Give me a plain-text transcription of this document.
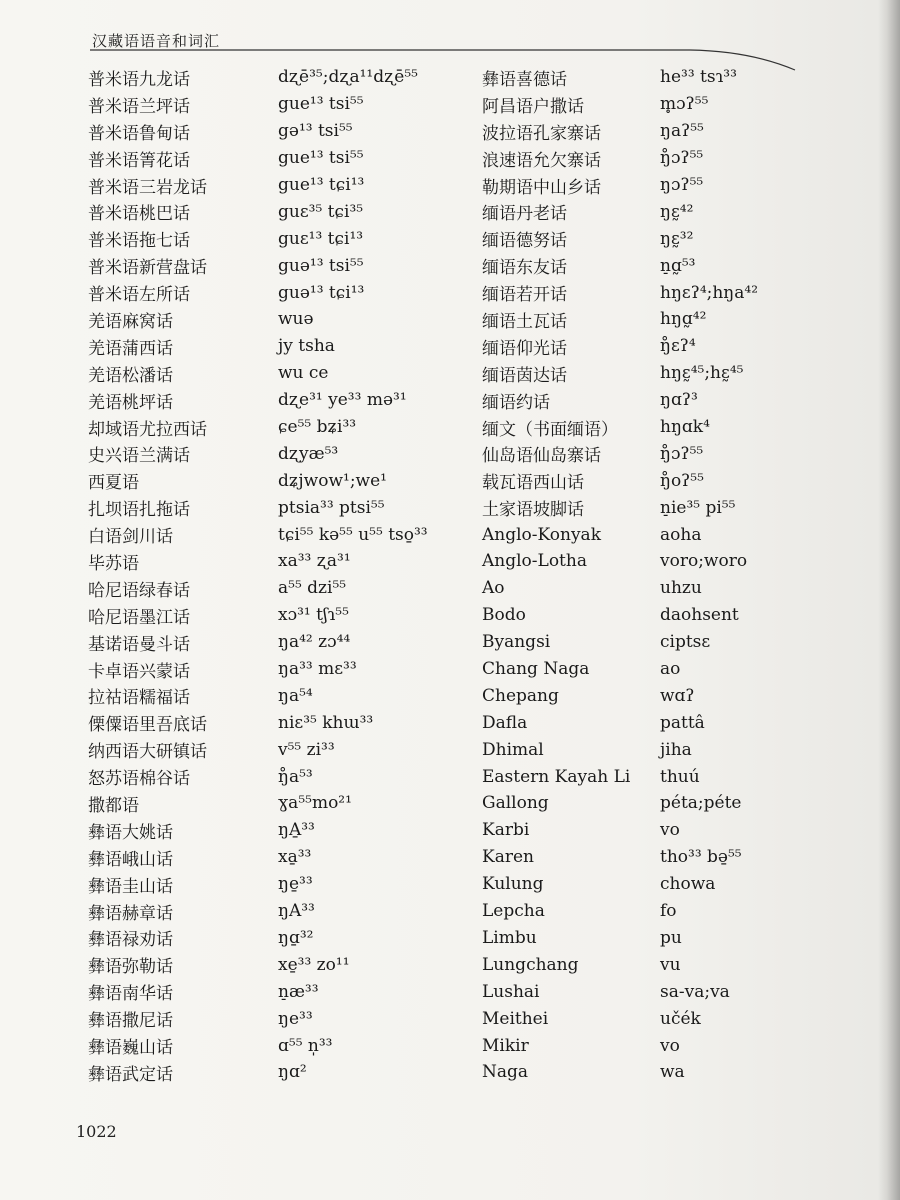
汉藏语语音和词汇
普米语九龙话	dʐē³⁵;dʐa¹¹dʐē⁵⁵
普米语兰坪话	gue¹³ tsi⁵⁵
普米语鲁甸话	gə¹³ tsi⁵⁵
普米语箐花话	gue¹³ tsi⁵⁵
普米语三岩龙话	gue¹³ tɕi¹³
普米语桃巴话	guɛ³⁵ tɕi³⁵
普米语拖七话	guɛ¹³ tɕi¹³
普米语新营盘话	guə¹³ tsi⁵⁵
普米语左所话	guə¹³ tɕi¹³
羌语麻窝话	wuə
羌语蒲西话	jy tsha
羌语松潘话	wu ce
羌语桃坪话	dʐe³¹ ye³³ mə³¹
却域语尤拉西话	ɕe⁵⁵ bʑi³³
史兴语兰满话	dʐyæ⁵³
西夏语	dʑjwow¹;we¹
扎坝语扎拖话	ptsia³³ ptsi⁵⁵
白语剑川话	tɕi⁵⁵ kə⁵⁵ u⁵⁵ tso̱³³
毕苏语	xa³³ ʐa³¹
哈尼语绿春话	a⁵⁵ dzi⁵⁵
哈尼语墨江话	xɔ³¹ tʃɿ⁵⁵
基诺语曼斗话	ŋa⁴² zɔ⁴⁴
卡卓语兴蒙话	ŋa³³ mɛ³³
拉祜语糯福话	ŋa⁵⁴
傈僳语里吾底话	niɛ³⁵ khɯ³³
纳西语大研镇话	v⁵⁵ zi³³
怒苏语棉谷话	ŋ̊a⁵³
撒都语	ɣa⁵⁵mo²¹
彝语大姚话	ŋA̱³³
彝语峨山话	xa̱³³
彝语圭山话	ŋe̱³³
彝语赫章话	ŋA³³
彝语禄劝话	ŋɑ̱³²
彝语弥勒话	xe̱³³ zo¹¹
彝语南华话	n̠æ³³
彝语撒尼话	ŋe³³
彝语巍山话	ɑ⁵⁵ n̩³³
彝语武定话	ŋɑ²
彝语喜德话	he³³ tsɿ³³
阿昌语户撒话	m̥ɔʔ⁵⁵
波拉语孔家寨话	ŋaʔ⁵⁵
浪速语允欠寨话	ŋ̊ɔʔ⁵⁵
勒期语中山乡话	ŋɔʔ⁵⁵
缅语丹老话	ŋɛ̰⁴²
缅语德努话	ŋɛ̰³²
缅语东友话	n̠ɑ̰⁵³
缅语若开话	hŋɛʔ⁴;hŋa⁴²
缅语土瓦话	hŋɑ̰⁴²
缅语仰光话	ŋ̊ɛʔ⁴
缅语茵达话	hŋɛ̰⁴⁵;hɛ̰⁴⁵
缅语约话	ŋɑʔ³
缅文（书面缅语）	hŋɑk⁴
仙岛语仙岛寨话	ŋ̊ɔʔ⁵⁵
载瓦语西山话	ŋ̊oʔ⁵⁵
土家语坡脚话	n̠ie³⁵ pi⁵⁵
Anglo-Konyak	aoha
Anglo-Lotha	voro;woro
Ao	uhzu
Bodo	daohsent
Byangsi	ciptsɛ
Chang Naga	ao
Chepang	wɑʔ
Dafla	pattâ
Dhimal	jiha
Eastern Kayah Li	thuú
Gallong	péta;péte
Karbi	vo
Karen	tho³³ bə̱⁵⁵
Kulung	chowa
Lepcha	fo
Limbu	pu
Lungchang	vu
Lushai	sa-va;va
Meithei	učék
Mikir	vo
Naga	wa
1022
